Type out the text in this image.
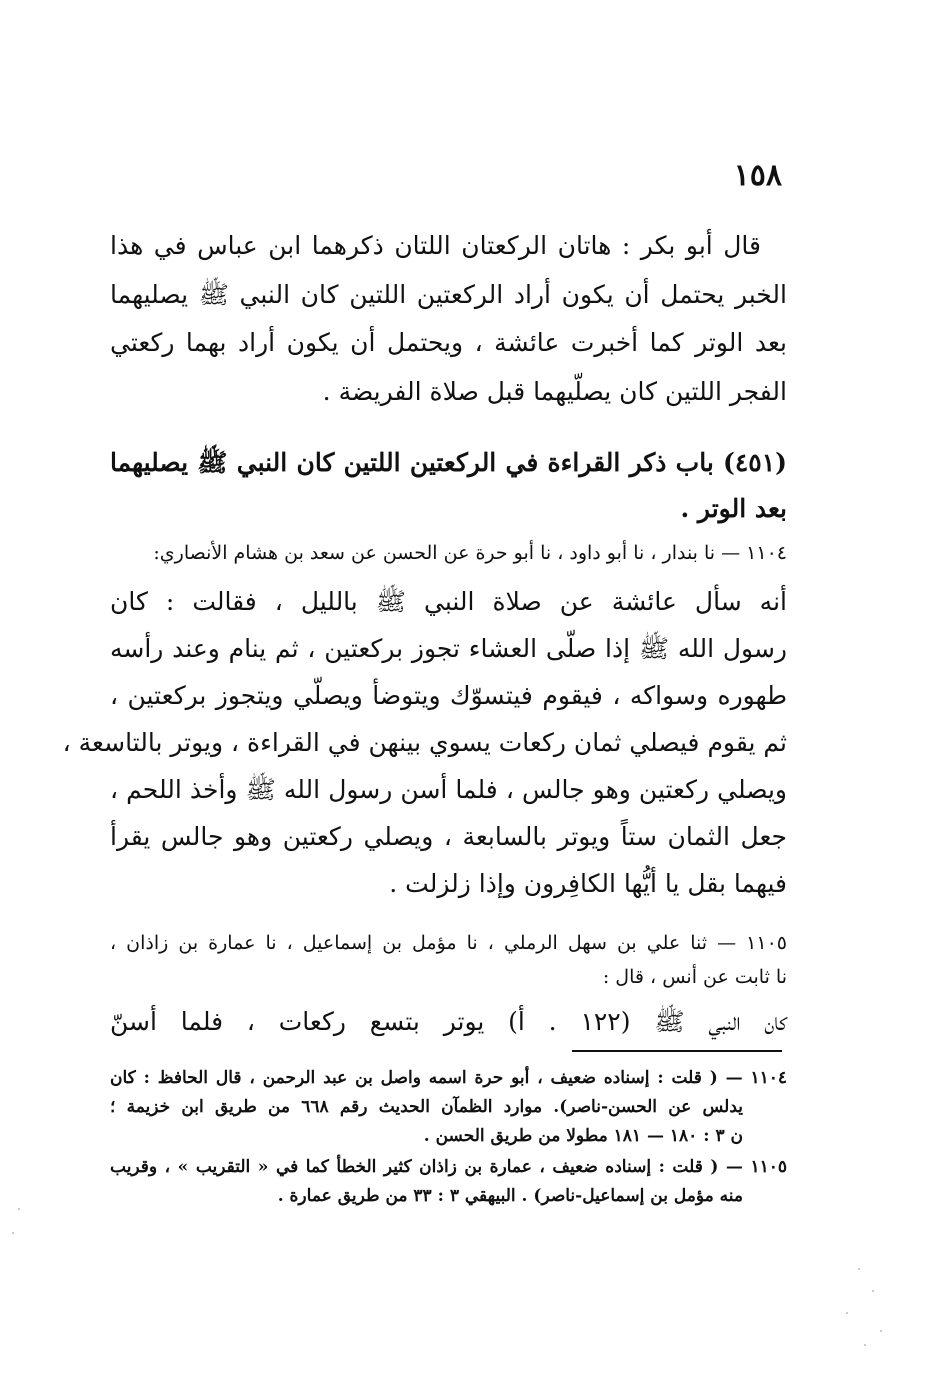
١٥٨
قال أبو بكر : هاتان الركعتان اللتان ذكرهما ابن عباس في هذا
الخبر يحتمل أن يكون أراد الركعتين اللتين كان النبي ﷺ يصليهما
بعد الوتر كما أخبرت عائشة ، ويحتمل أن يكون أراد بهما ركعتي
الفجر اللتين كان يصلّيهما قبل صلاة الفريضة .
(٤٥١) باب ذكر القراءة في الركعتين اللتين كان النبي ﷺ يصليهما
بعد الوتر .
١١٠٤ — نا بندار ، نا أبو داود ، نا أبو حرة عن الحسن عن سعد بن هشام الأنصاري:
أنه سأل عائشة عن صلاة النبي ﷺ بالليل ، فقالت : كان
رسول الله ﷺ إذا صلّى العشاء تجوز بركعتين ، ثم ينام وعند رأسه
طهوره وسواكه ، فيقوم فيتسوّك ويتوضأ ويصلّي ويتجوز بركعتين ،
ثم يقوم فيصلي ثمان ركعات يسوي بينهن في القراءة ، ويوتر بالتاسعة ،
ويصلي ركعتين وهو جالس ، فلما أسن رسول الله ﷺ وأخذ اللحم ،
جعل الثمان ستاً ويوتر بالسابعة ، ويصلي ركعتين وهو جالس يقرأ
فيهما بقل يا أيُّها الكافِرون وإذا زلزلت .
١١٠٥ — ثنا علي بن سهل الرملي ، نا مؤمل بن إسماعيل ، نا عمارة بن زاذان ،
نا ثابت عن أنس ، قال :
كان النبي ﷺ (١٢٢ . أ) يوتر بتسع ركعات ، فلما أسنّ
١١٠٤ — ( قلت : إسناده ضعيف ، أبو حرة اسمه واصل بن عبد الرحمن ، قال الحافظ : كان
يدلس عن الحسن-ناصر). موارد الظمآن الحديث رقم ٦٦٨ من طريق ابن خزيمة ؛
ن ٣ : ١٨٠ — ١٨١ مطولا من طريق الحسن .
١١٠٥ — ( قلت : إسناده ضعيف ، عمارة بن زاذان كثير الخطأ كما في « التقريب » ، وقريب
منه مؤمل بن إسماعيل-ناصر) . البيهقي ٣ : ٣٣ من طريق عمارة .
